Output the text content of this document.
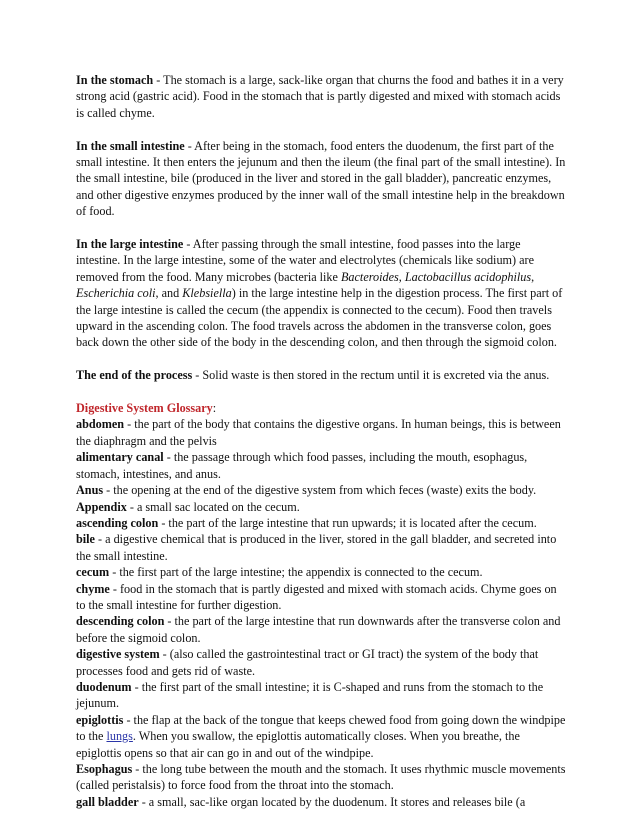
In the stomach - The stomach is a large, sack-like organ that churns the food and bathes it in a very strong acid (gastric acid). Food in the stomach that is partly digested and mixed with stomach acids is called chyme.

In the small intestine - After being in the stomach, food enters the duodenum, the first part of the small intestine. It then enters the jejunum and then the ileum (the final part of the small intestine). In the small intestine, bile (produced in the liver and stored in the gall bladder), pancreatic enzymes, and other digestive enzymes produced by the inner wall of the small intestine help in the breakdown of food.

In the large intestine - After passing through the small intestine, food passes into the large intestine. In the large intestine, some of the water and electrolytes (chemicals like sodium) are removed from the food. Many microbes (bacteria like Bacteroides, Lactobacillus acidophilus, Escherichia coli, and Klebsiella) in the large intestine help in the digestion process. The first part of the large intestine is called the cecum (the appendix is connected to the cecum). Food then travels upward in the ascending colon. The food travels across the abdomen in the transverse colon, goes back down the other side of the body in the descending colon, and then through the sigmoid colon.

The end of the process - Solid waste is then stored in the rectum until it is excreted via the anus.

Digestive System Glossary:

abdomen - the part of the body that contains the digestive organs. In human beings, this is between the diaphragm and the pelvis

alimentary canal - the passage through which food passes, including the mouth, esophagus, stomach, intestines, and anus.

Anus - the opening at the end of the digestive system from which feces (waste) exits the body.

Appendix - a small sac located on the cecum.

ascending colon - the part of the large intestine that run upwards; it is located after the cecum.

bile - a digestive chemical that is produced in the liver, stored in the gall bladder, and secreted into the small intestine.

cecum - the first part of the large intestine; the appendix is connected to the cecum.

chyme - food in the stomach that is partly digested and mixed with stomach acids. Chyme goes on to the small intestine for further digestion.

descending colon - the part of the large intestine that run downwards after the transverse colon and before the sigmoid colon.

digestive system - (also called the gastrointestinal tract or GI tract) the system of the body that processes food and gets rid of waste.

duodenum - the first part of the small intestine; it is C-shaped and runs from the stomach to the jejunum.

epiglottis - the flap at the back of the tongue that keeps chewed food from going down the windpipe to the lungs. When you swallow, the epiglottis automatically closes. When you breathe, the epiglottis opens so that air can go in and out of the windpipe.

Esophagus - the long tube between the mouth and the stomach. It uses rhythmic muscle movements (called peristalsis) to force food from the throat into the stomach.

gall bladder - a small, sac-like organ located by the duodenum. It stores and releases bile (a
